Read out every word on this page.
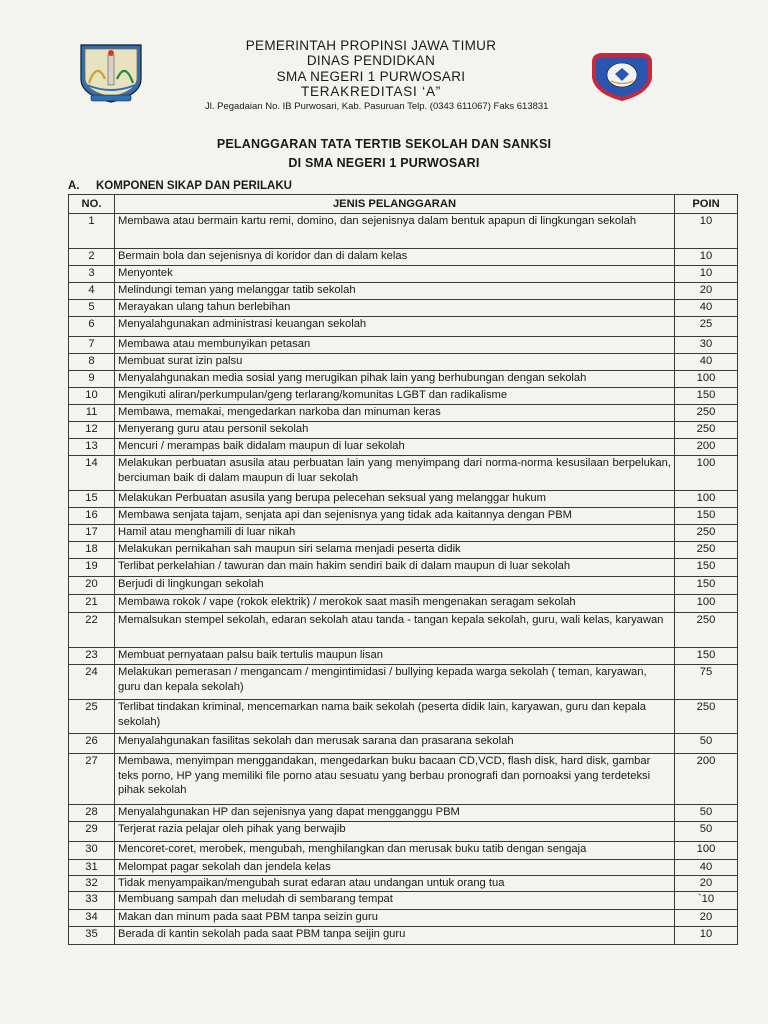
PEMERINTAH PROPINSI JAWA TIMUR
DINAS PENDIDKAN
SMA NEGERI 1 PURWOSARI
TERAKREDITASI ‘A”
Jl. Pegadaian No. IB Purwosari, Kab. Pasuruan Telp. (0343 611067) Faks 613831
PELANGGARAN TATA TERTIB SEKOLAH DAN SANKSI
DI SMA NEGERI 1 PURWOSARI
A. KOMPONEN SIKAP DAN PERILAKU
NO.	JENIS PELANGGARAN	POIN
1	Membawa atau bermain kartu remi, domino, dan sejenisnya dalam bentuk apapun di lingkungan sekolah	10
2	Bermain bola dan sejenisnya di koridor dan di dalam kelas	10
3	Menyontek	10
4	Melindungi teman yang melanggar tatib sekolah	20
5	Merayakan ulang tahun berlebihan	40
6	Menyalahgunakan administrasi keuangan sekolah	25
7	Membawa atau membunyikan petasan	30
8	Membuat surat izin palsu	40
9	Menyalahgunakan media sosial yang merugikan pihak lain yang berhubungan dengan sekolah	100
10	Mengikuti aliran/perkumpulan/geng terlarang/komunitas LGBT dan radikalisme	150
11	Membawa, memakai, mengedarkan narkoba dan minuman keras	250
12	Menyerang guru atau personil sekolah	250
13	Mencuri / merampas baik didalam maupun di luar sekolah	200
14	Melakukan perbuatan asusila atau perbuatan lain yang menyimpang dari norma-norma kesusilaan berpelukan, berciuman baik di dalam maupun di luar sekolah	100
15	Melakukan Perbuatan asusila yang berupa pelecehan seksual yang melanggar hukum	100
16	Membawa senjata tajam, senjata api dan sejenisnya yang tidak ada kaitannya dengan PBM	150
17	Hamil atau menghamili di luar nikah	250
18	Melakukan pernikahan sah maupun siri selama menjadi peserta didik	250
19	Terlibat perkelahian / tawuran dan main hakim sendiri baik di dalam maupun di luar sekolah	150
20	Berjudi di lingkungan sekolah	150
21	Membawa rokok / vape (rokok elektrik) / merokok saat masih mengenakan seragam sekolah	100
22	Memalsukan stempel sekolah, edaran sekolah atau tanda - tangan kepala sekolah, guru, wali kelas, karyawan	250
23	Membuat pernyataan palsu baik tertulis maupun lisan	150
24	Melakukan pemerasan / mengancam / mengintimidasi / bullying kepada warga sekolah ( teman, karyawan, guru dan kepala sekolah)	75
25	Terlibat tindakan kriminal, mencemarkan nama baik sekolah (peserta didik lain, karyawan, guru dan kepala sekolah)	250
26	Menyalahgunakan fasilitas sekolah dan merusak sarana dan prasarana sekolah	50
27	Membawa, menyimpan menggandakan, mengedarkan buku bacaan CD,VCD, flash disk, hard disk, gambar teks porno, HP yang memiliki file porno atau sesuatu yang berbau pronografi dan pornoaksi yang terdeteksi pihak sekolah	200
28	Menyalahgunakan HP dan sejenisnya yang dapat mengganggu PBM	50
29	Terjerat razia pelajar oleh pihak yang berwajib	50
30	Mencoret-coret, merobek, mengubah, menghilangkan dan merusak buku tatib dengan sengaja	100
31	Melompat pagar sekolah dan jendela kelas	40
32	Tidak menyampaikan/mengubah surat edaran atau undangan untuk orang tua	20
33	Membuang sampah dan meludah di sembarang tempat	`10
34	Makan dan minum pada saat PBM tanpa seizin guru	20
35	Berada di kantin sekolah pada saat PBM tanpa seijin guru	10
